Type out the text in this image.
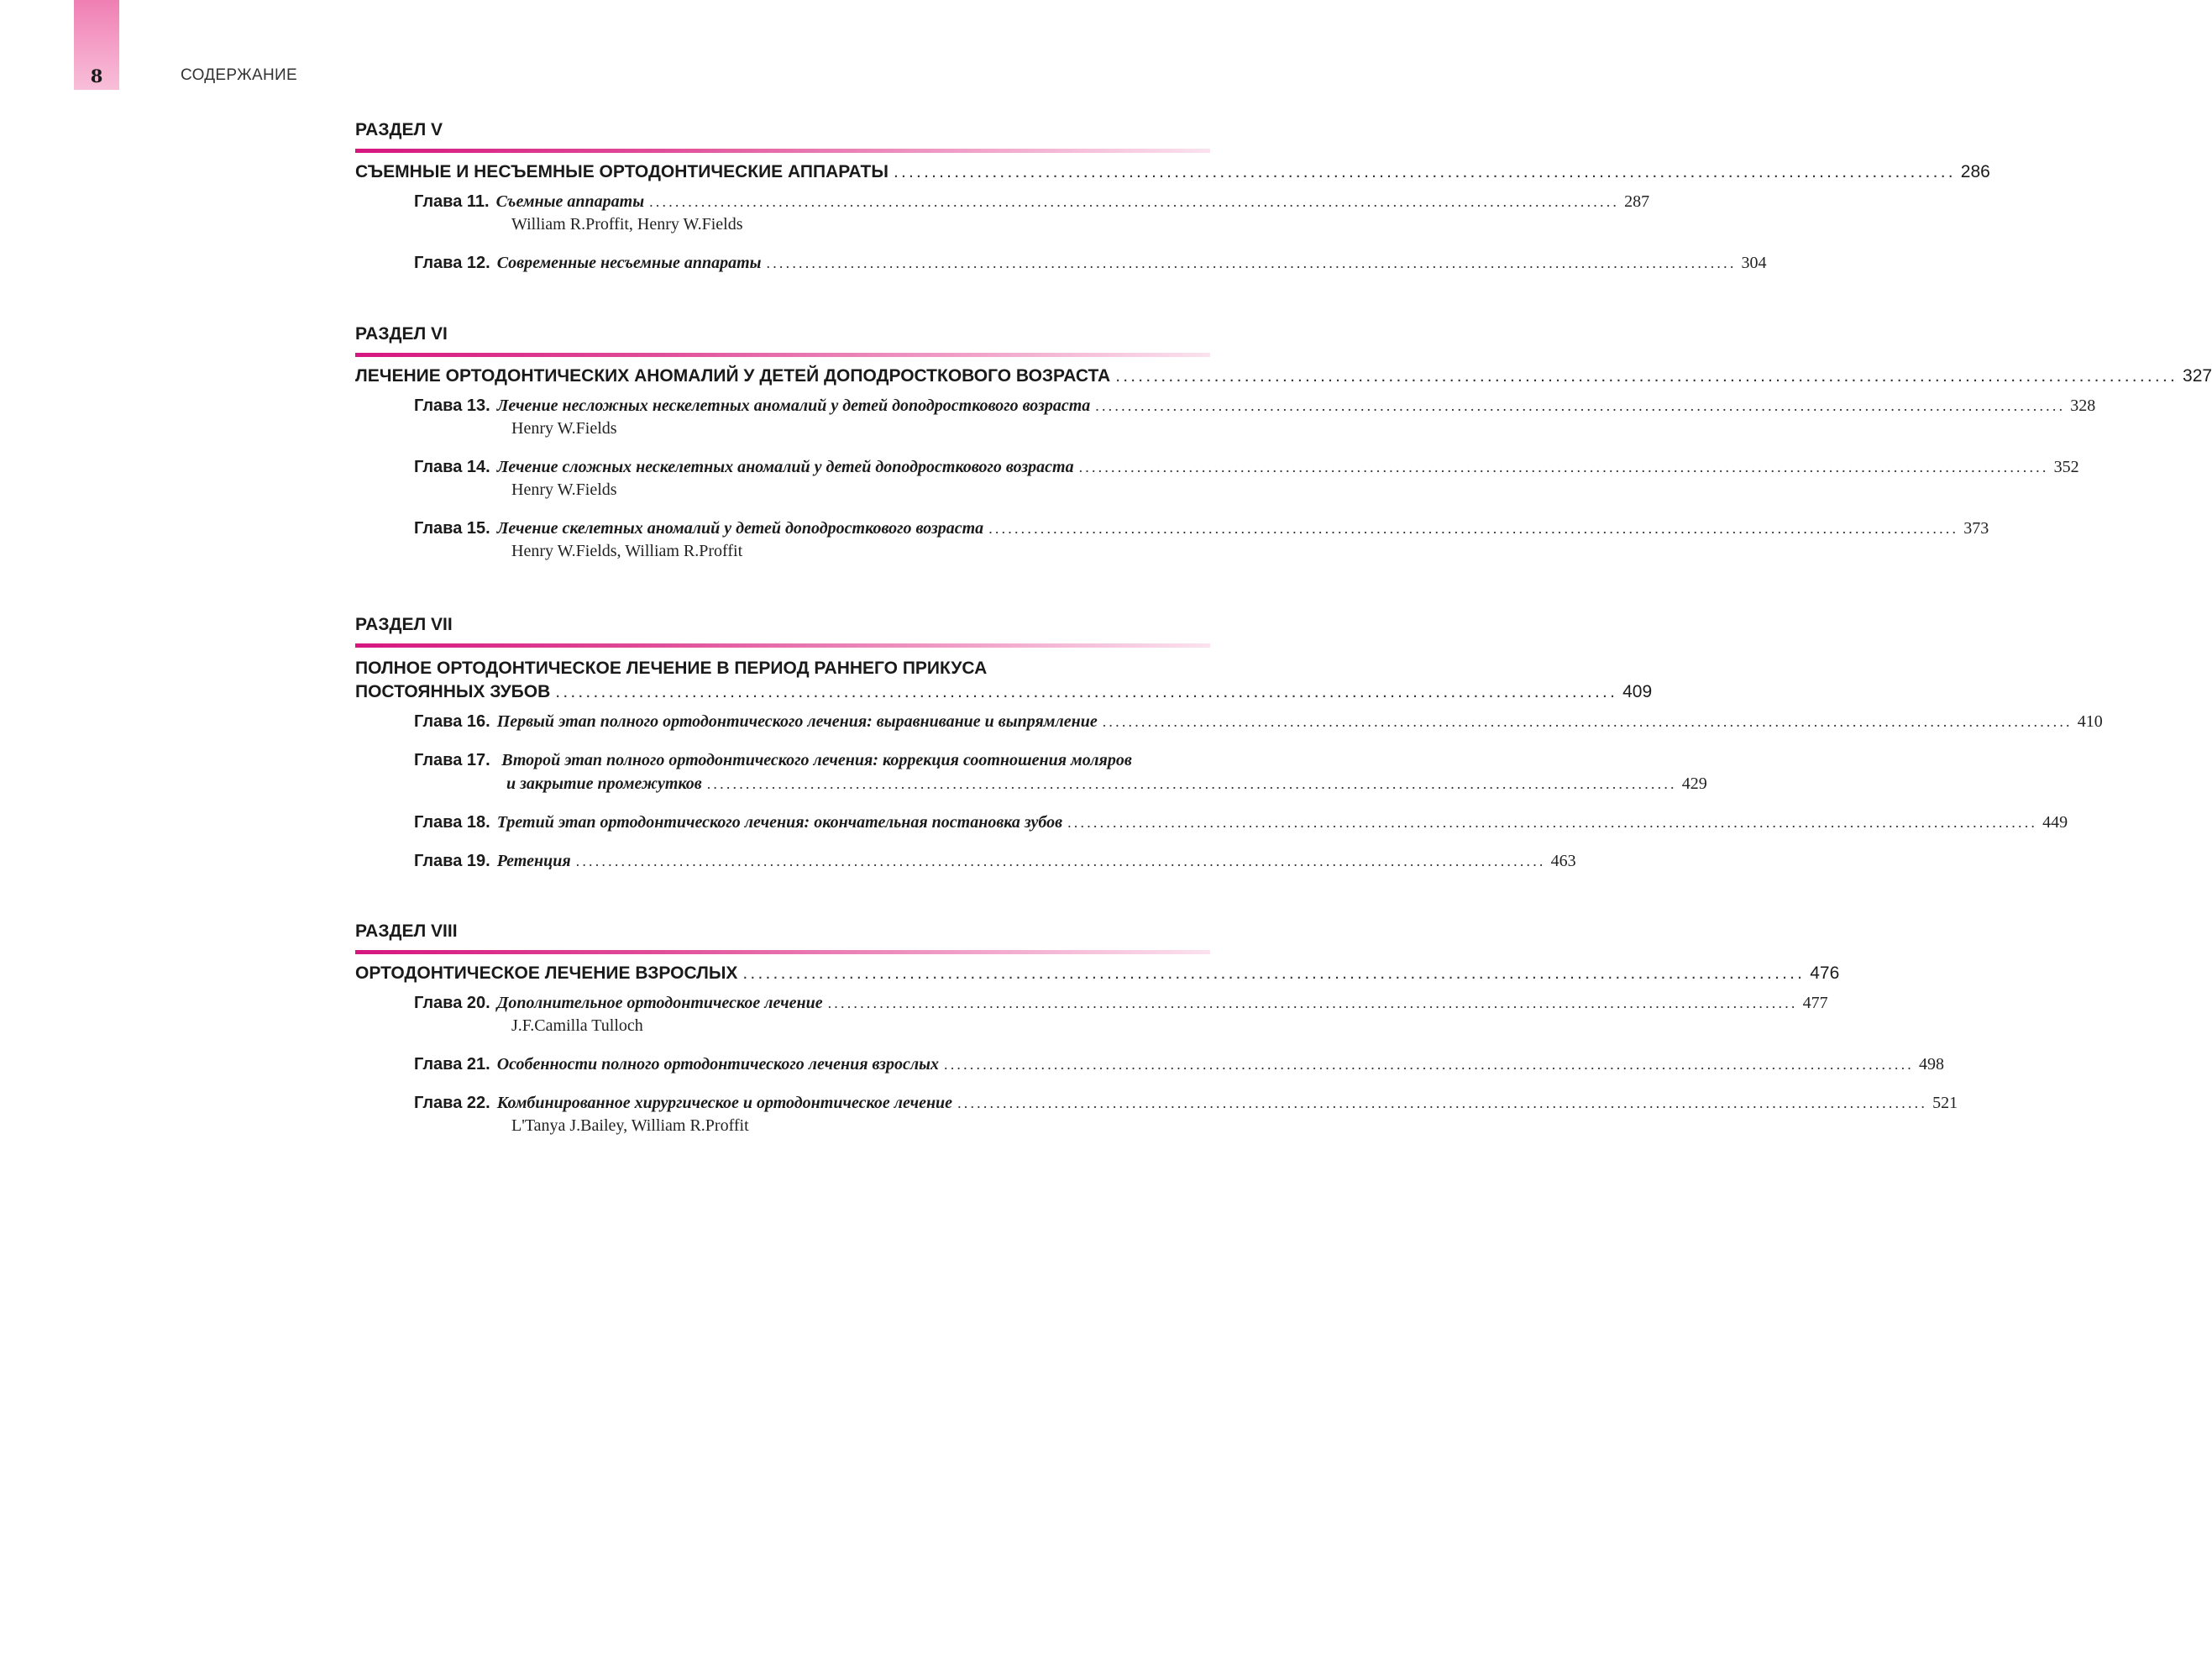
8	СОДЕРЖАНИЕ
РАЗДЕЛ V
СЪЕМНЫЕ И НЕСЪЕМНЫЕ ОРТОДОНТИЧЕСКИЕ АППАРАТЫ ............................................................................................................................................ 286
Глава 11. Съемные аппараты ...................................................................................................................................................... 287
William R.Proffit, Henry W.Fields
Глава 12. Современные несъемные аппараты ...................................................................................................................................................... 304
РАЗДЕЛ VI
ЛЕЧЕНИЕ ОРТОДОНТИЧЕСКИХ АНОМАЛИЙ У ДЕТЕЙ ДОПОДРОСТКОВОГО ВОЗРАСТА ............................................................................................................................................ 327
Глава 13. Лечение несложных нескелетных аномалий у детей доподросткового возраста ...................................................................................................................................................... 328
Henry W.Fields
Глава 14. Лечение сложных нескелетных аномалий у детей доподросткового возраста ...................................................................................................................................................... 352
Henry W.Fields
Глава 15. Лечение скелетных аномалий у детей доподросткового возраста ...................................................................................................................................................... 373
Henry W.Fields, William R.Proffit
РАЗДЕЛ VII
ПОЛНОЕ ОРТОДОНТИЧЕСКОЕ ЛЕЧЕНИЕ В ПЕРИОД РАННЕГО ПРИКУСА
ПОСТОЯННЫХ ЗУБОВ ............................................................................................................................................ 409
Глава 16. Первый этап полного ортодонтического лечения: выравнивание и выпрямление ...................................................................................................................................................... 410
Глава 17. Второй этап полного ортодонтического лечения: коррекция соотношения моляров
и закрытие промежутков ...................................................................................................................................................... 429
Глава 18. Третий этап ортодонтического лечения: окончательная постановка зубов ...................................................................................................................................................... 449
Глава 19. Ретенция ...................................................................................................................................................... 463
РАЗДЕЛ VIII
ОРТОДОНТИЧЕСКОЕ ЛЕЧЕНИЕ ВЗРОСЛЫХ ............................................................................................................................................ 476
Глава 20. Дополнительное ортодонтическое лечение ...................................................................................................................................................... 477
J.F.Camilla Tulloch
Глава 21. Особенности полного ортодонтического лечения взрослых ...................................................................................................................................................... 498
Глава 22. Комбинированное хирургическое и ортодонтическое лечение ...................................................................................................................................................... 521
L'Tanya J.Bailey, William R.Proffit
